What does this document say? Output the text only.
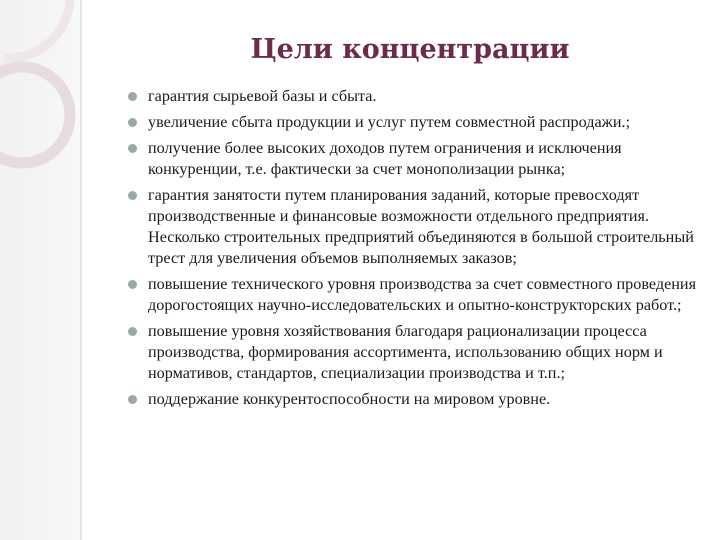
Цели концентрации
гарантия сырьевой базы и сбыта.
увеличение сбыта продукции и услуг путем совместной распродажи.;
получение более высоких доходов путем ограничения и исключения конкуренции, т.е. фактически за счет монополизации рынка;
гарантия занятости путем планирования заданий, которые превосходят производственные и финансовые возможности отдельного предприятия. Несколько строительных предприятий объединяются в большой строительный трест для увеличения объемов выполняемых заказов;
повышение технического уровня производства за счет совместного проведения дорогостоящих научно-исследовательских и опытно-конструкторских работ.;
повышение уровня хозяйствования благодаря рационализации процесса производства, формирования ассортимента, использованию общих норм и нормативов, стандартов, специализации производства и т.п.;
поддержание конкурентоспособности на мировом уровне.
